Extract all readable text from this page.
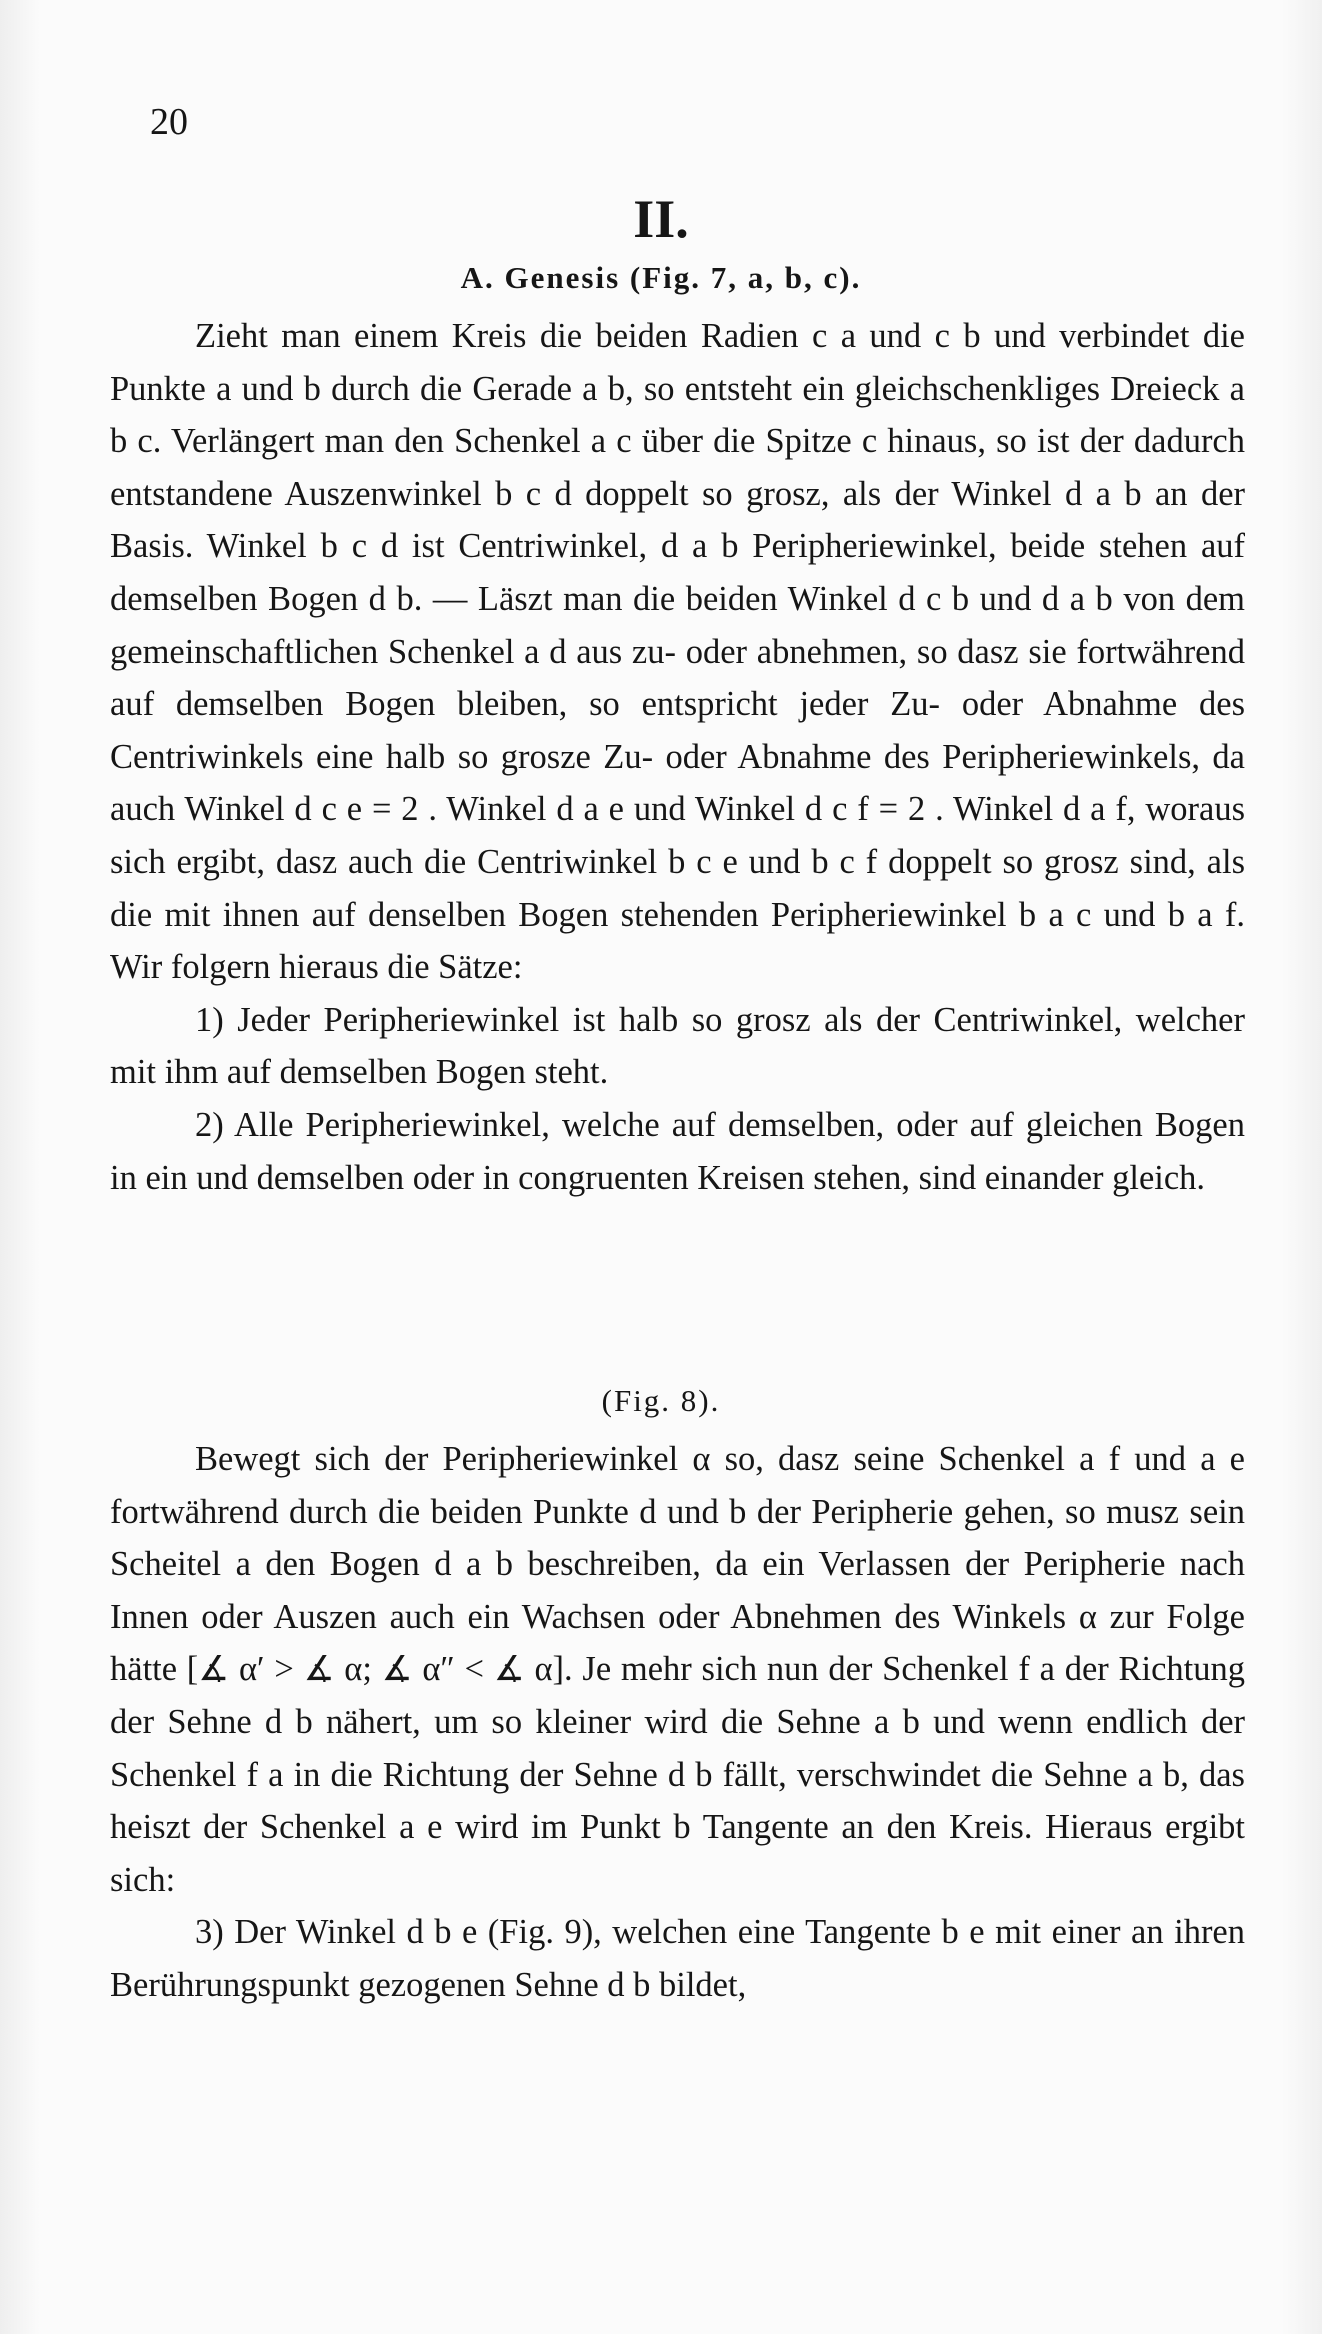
20
II.
A. Genesis (Fig. 7, a, b, c).

Zieht man einem Kreis die beiden Radien c a und c b und verbindet die Punkte a und b durch die Gerade a b, so entsteht ein gleichschenkliges Dreieck a b c. Verlängert man den Schenkel a c über die Spitze c hinaus, so ist der dadurch entstandene Auszenwinkel b c d doppelt so grosz, als der Winkel d a b an der Basis. Winkel b c d ist Centriwinkel, d a b Peripheriewinkel, beide stehen auf demselben Bogen d b. — Läszt man die beiden Winkel d c b und d a b von dem gemeinschaftlichen Schenkel a d aus zu- oder abnehmen, so dasz sie fortwährend auf demselben Bogen bleiben, so entspricht jeder Zu- oder Abnahme des Centriwinkels eine halb so grosze Zu- oder Abnahme des Peripheriewinkels, da auch Winkel d c e = 2 . Winkel d a e und Winkel d c f = 2 . Winkel d a f, woraus sich ergibt, dasz auch die Centriwinkel b c e und b c f doppelt so grosz sind, als die mit ihnen auf denselben Bogen stehenden Peripheriewinkel b a c und b a f. Wir folgern hieraus die Sätze:

1) Jeder Peripheriewinkel ist halb so grosz als der Centriwinkel, welcher mit ihm auf demselben Bogen steht.

2) Alle Peripheriewinkel, welche auf demselben, oder auf gleichen Bogen in ein und demselben oder in congruenten Kreisen stehen, sind einander gleich.

(Fig. 8).

Bewegt sich der Peripheriewinkel α so, dasz seine Schenkel a f und a e fortwährend durch die beiden Punkte d und b der Peripherie gehen, so musz sein Scheitel a den Bogen d a b beschreiben, da ein Verlassen der Peripherie nach Innen oder Auszen auch ein Wachsen oder Abnehmen des Winkels α zur Folge hätte [∡ α′ > ∡ α; ∡ α″ < ∡ α]. Je mehr sich nun der Schenkel f a der Richtung der Sehne d b nähert, um so kleiner wird die Sehne a b und wenn endlich der Schenkel f a in die Richtung der Sehne d b fällt, verschwindet die Sehne a b, das heiszt der Schenkel a e wird im Punkt b Tangente an den Kreis. Hieraus ergibt sich:

3) Der Winkel d b e (Fig. 9), welchen eine Tangente b e mit einer an ihren Berührungspunkt gezogenen Sehne d b bildet,
